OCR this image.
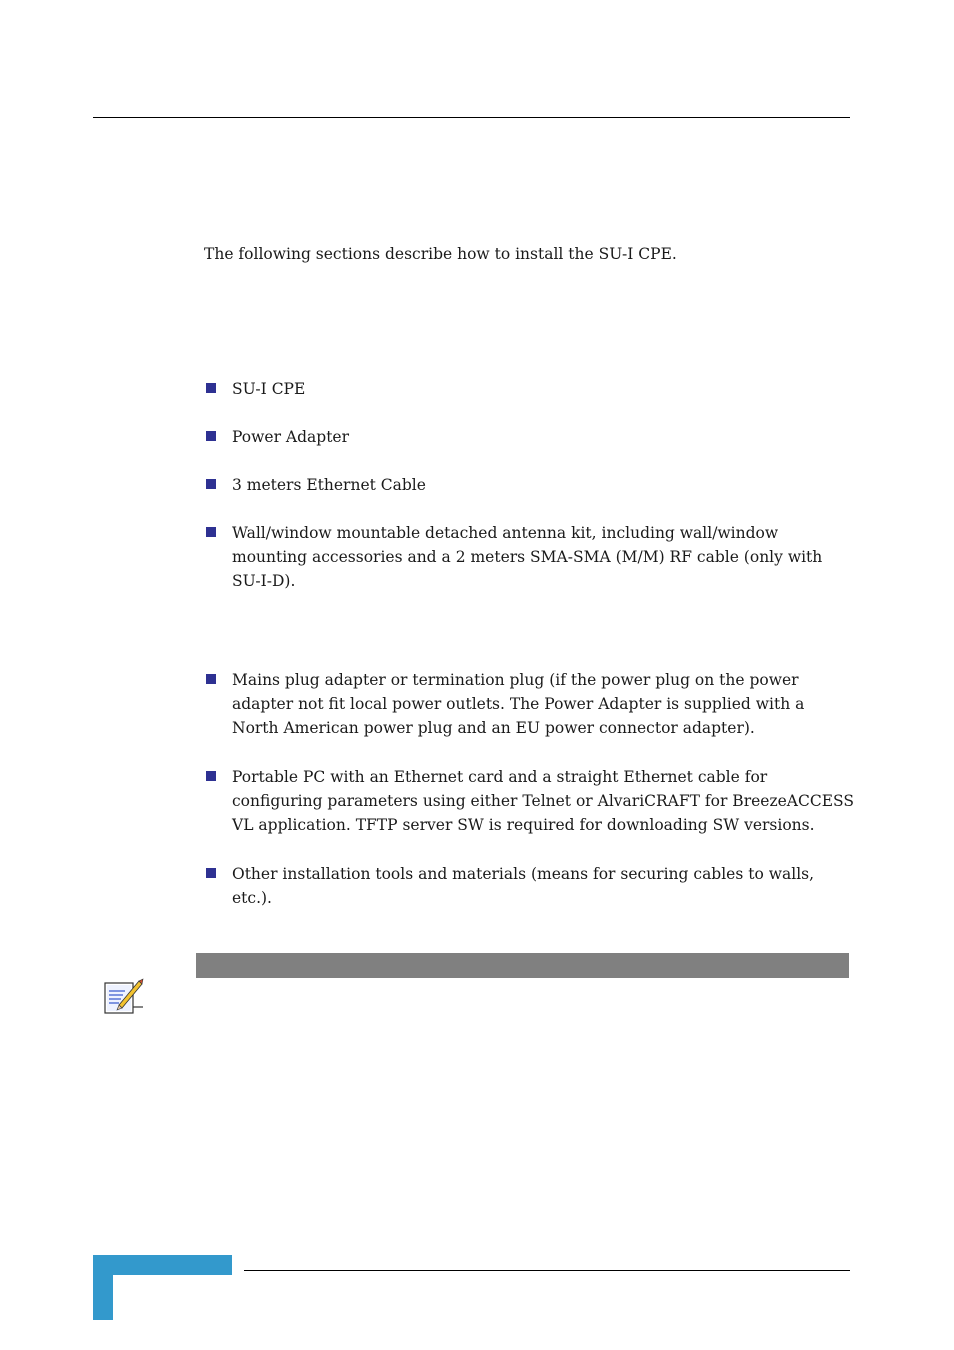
The following sections describe how to install the SU-I CPE.

SU-I CPE
Power Adapter
3 meters Ethernet Cable
Wall/window mountable detached antenna kit, including wall/window mounting accessories and a 2 meters SMA-SMA (M/M) RF cable (only with SU-I-D).
Mains plug adapter or termination plug (if the power plug on the power adapter not fit local power outlets. The Power Adapter is supplied with a North American power plug and an EU power connector adapter).
Portable PC with an Ethernet card and a straight Ethernet cable for configuring parameters using either Telnet or AlvariCRAFT for BreezeACCESS VL application. TFTP server SW is required for downloading SW versions.
Other installation tools and materials (means for securing cables to walls, etc.).
